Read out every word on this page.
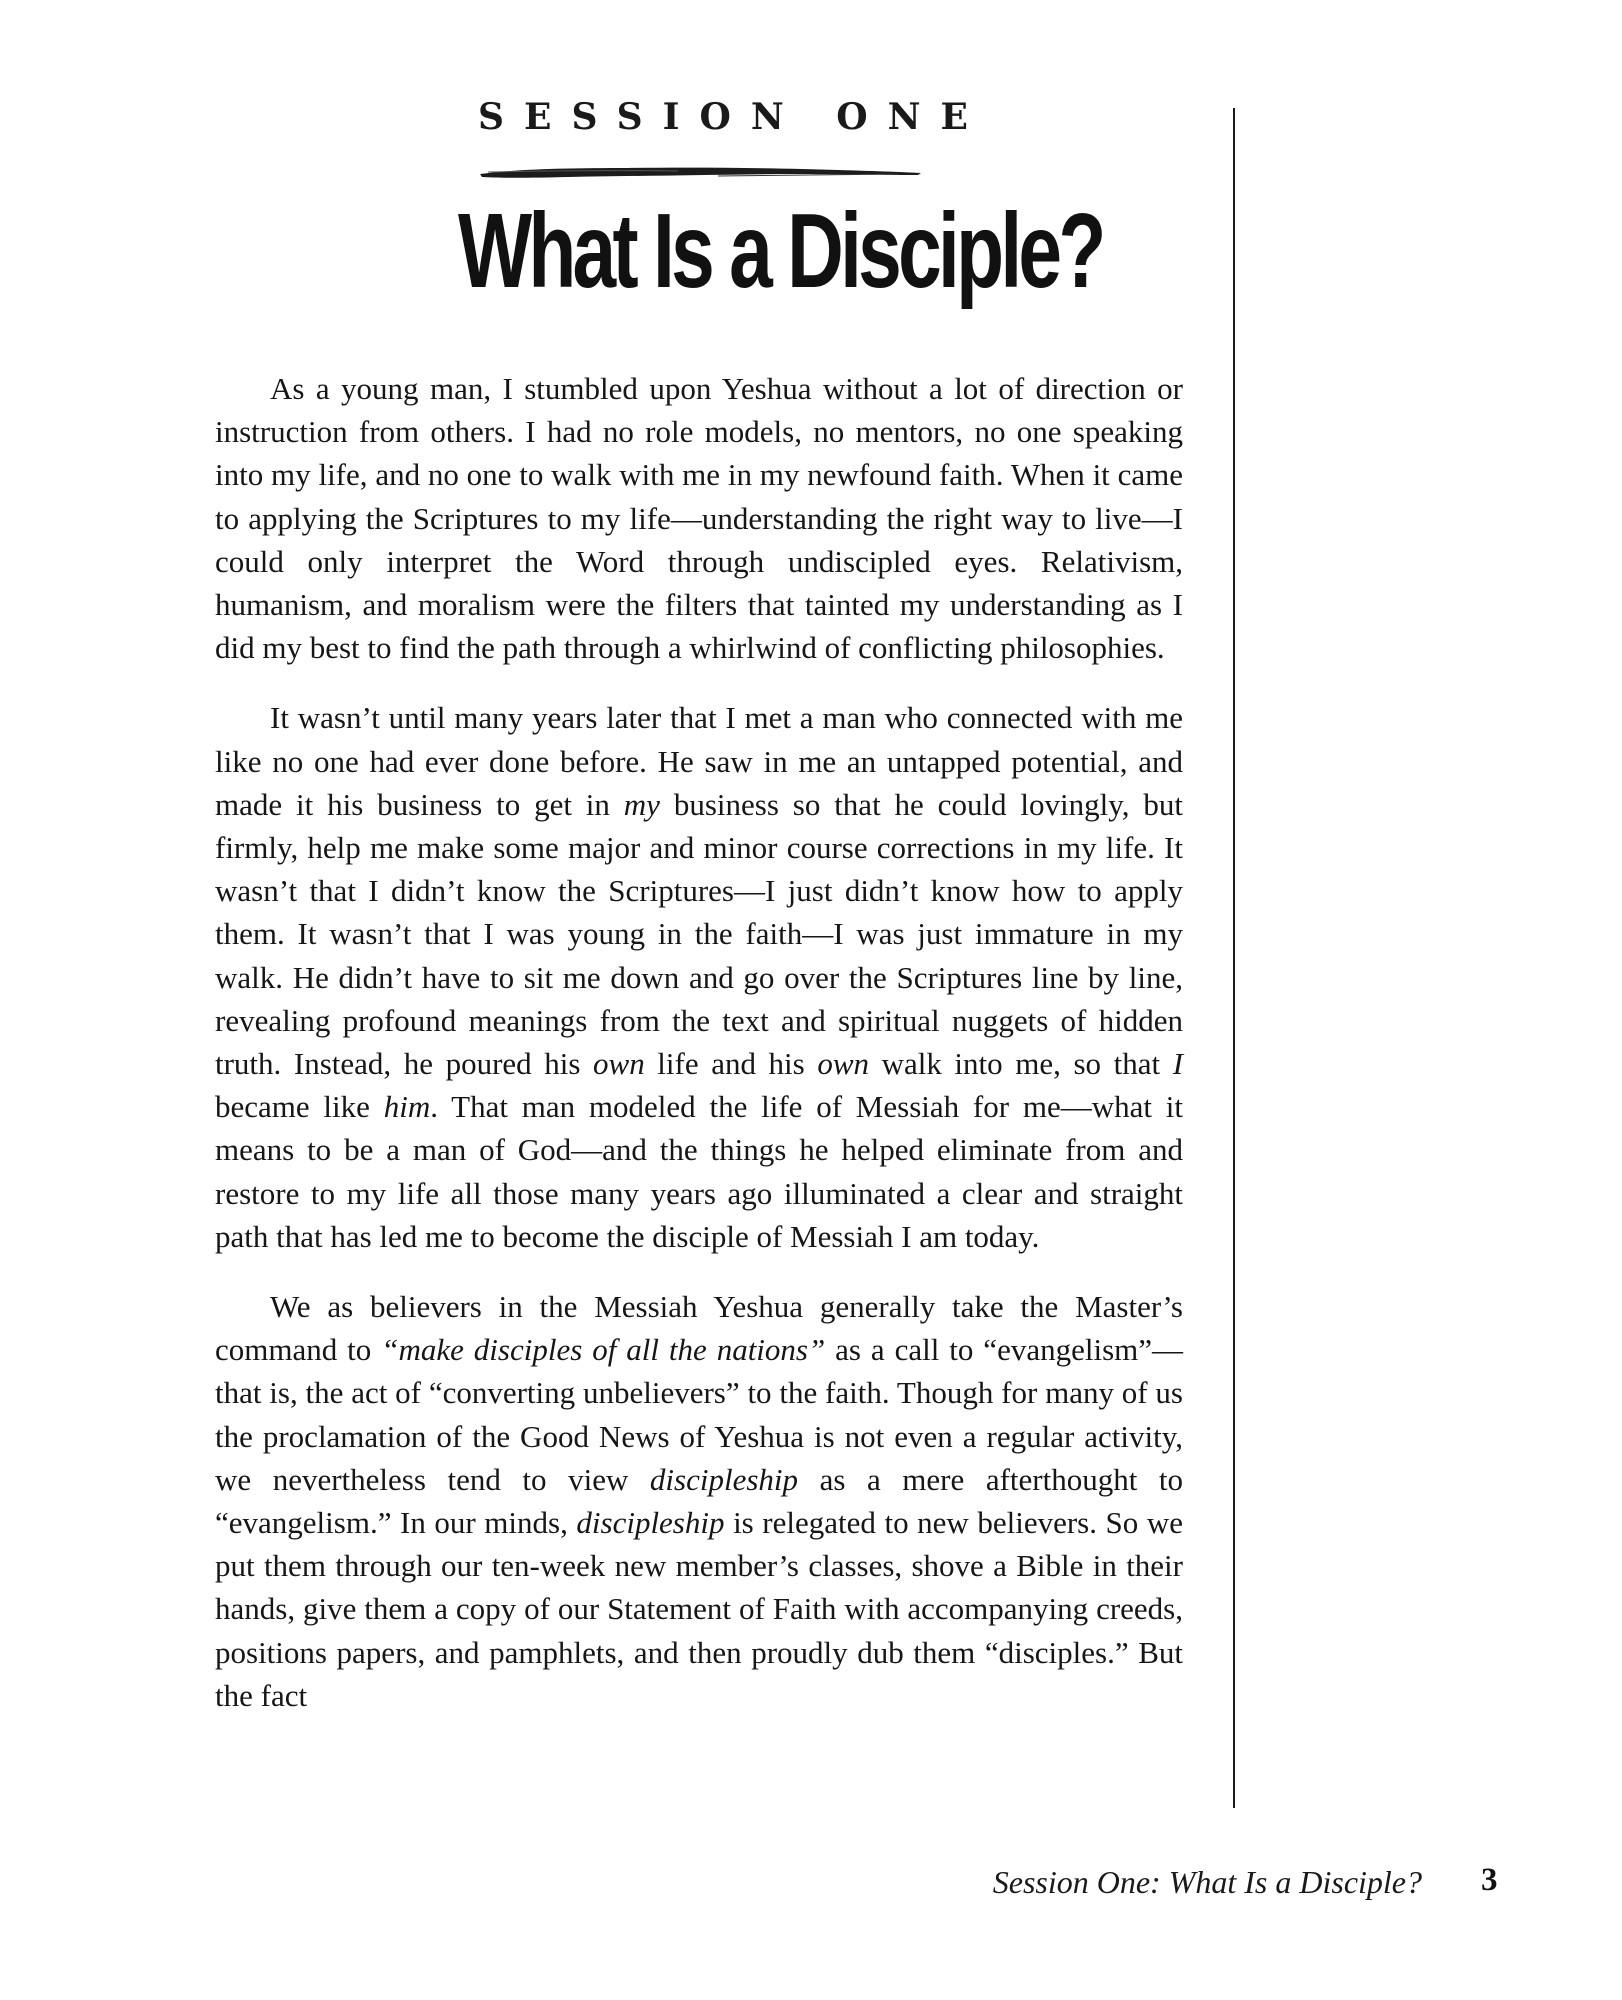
SESSION ONE
What Is a Disciple?

As a young man, I stumbled upon Yeshua without a lot of direction or instruction from others. I had no role models, no mentors, no one speaking into my life, and no one to walk with me in my newfound faith. When it came to applying the Scriptures to my life—understanding the right way to live—I could only interpret the Word through undiscipled eyes. Relativism, humanism, and moralism were the filters that tainted my understanding as I did my best to find the path through a whirlwind of conflicting philosophies.

It wasn’t until many years later that I met a man who connected with me like no one had ever done before. He saw in me an untapped potential, and made it his business to get in my business so that he could lovingly, but firmly, help me make some major and minor course corrections in my life. It wasn’t that I didn’t know the Scriptures—I just didn’t know how to apply them. It wasn’t that I was young in the faith—I was just immature in my walk. He didn’t have to sit me down and go over the Scriptures line by line, revealing profound meanings from the text and spiritual nuggets of hidden truth. Instead, he poured his own life and his own walk into me, so that I became like him. That man modeled the life of Messiah for me—what it means to be a man of God—and the things he helped eliminate from and restore to my life all those many years ago illuminated a clear and straight path that has led me to become the disciple of Messiah I am today.

We as believers in the Messiah Yeshua generally take the Master’s command to “make disciples of all the nations” as a call to “evangelism”—that is, the act of “converting unbelievers” to the faith. Though for many of us the proclamation of the Good News of Yeshua is not even a regular activity, we nevertheless tend to view discipleship as a mere afterthought to “evangelism.” In our minds, discipleship is relegated to new believers. So we put them through our ten-week new member’s classes, shove a Bible in their hands, give them a copy of our Statement of Faith with accompanying creeds, positions papers, and pamphlets, and then proudly dub them “disciples.” But the fact

Session One: What Is a Disciple? 3
